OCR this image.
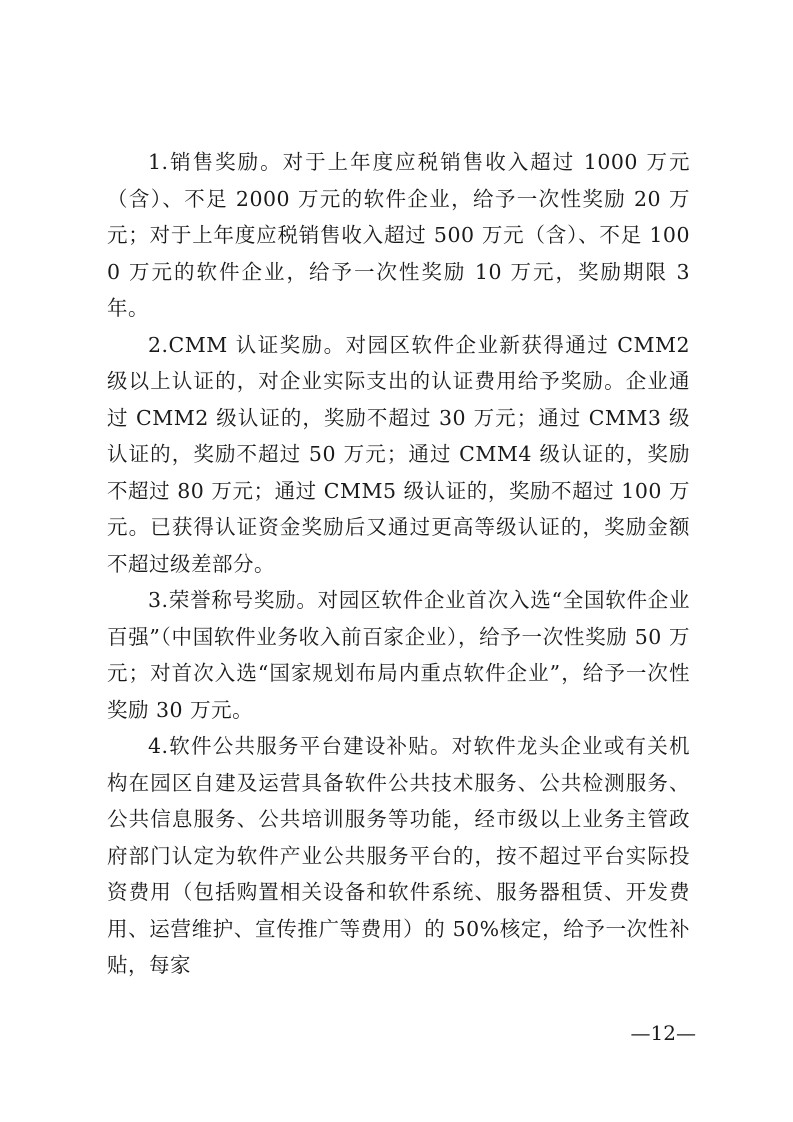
1.销售奖励。对于上年度应税销售收入超过 1000 万元（含）、不足 2000 万元的软件企业，给予一次性奖励 20 万元；对于上年度应税销售收入超过 500 万元（含）、不足 1000 万元的软件企业，给予一次性奖励 10 万元，奖励期限 3 年。

2.CMM 认证奖励。对园区软件企业新获得通过 CMM2 级以上认证的，对企业实际支出的认证费用给予奖励。企业通过 CMM2 级认证的，奖励不超过 30 万元；通过 CMM3 级认证的，奖励不超过 50 万元；通过 CMM4 级认证的，奖励不超过 80 万元；通过 CMM5 级认证的，奖励不超过 100 万元。已获得认证资金奖励后又通过更高等级认证的，奖励金额不超过级差部分。

3.荣誉称号奖励。对园区软件企业首次入选“全国软件企业百强”（中国软件业务收入前百家企业），给予一次性奖励 50 万元；对首次入选“国家规划布局内重点软件企业”，给予一次性奖励 30 万元。

4.软件公共服务平台建设补贴。对软件龙头企业或有关机构在园区自建及运营具备软件公共技术服务、公共检测服务、公共信息服务、公共培训服务等功能，经市级以上业务主管政府部门认定为软件产业公共服务平台的，按不超过平台实际投资费用（包括购置相关设备和软件系统、服务器租赁、开发费用、运营维护、宣传推广等费用）的 50%核定，给予一次性补贴，每家

—12—
